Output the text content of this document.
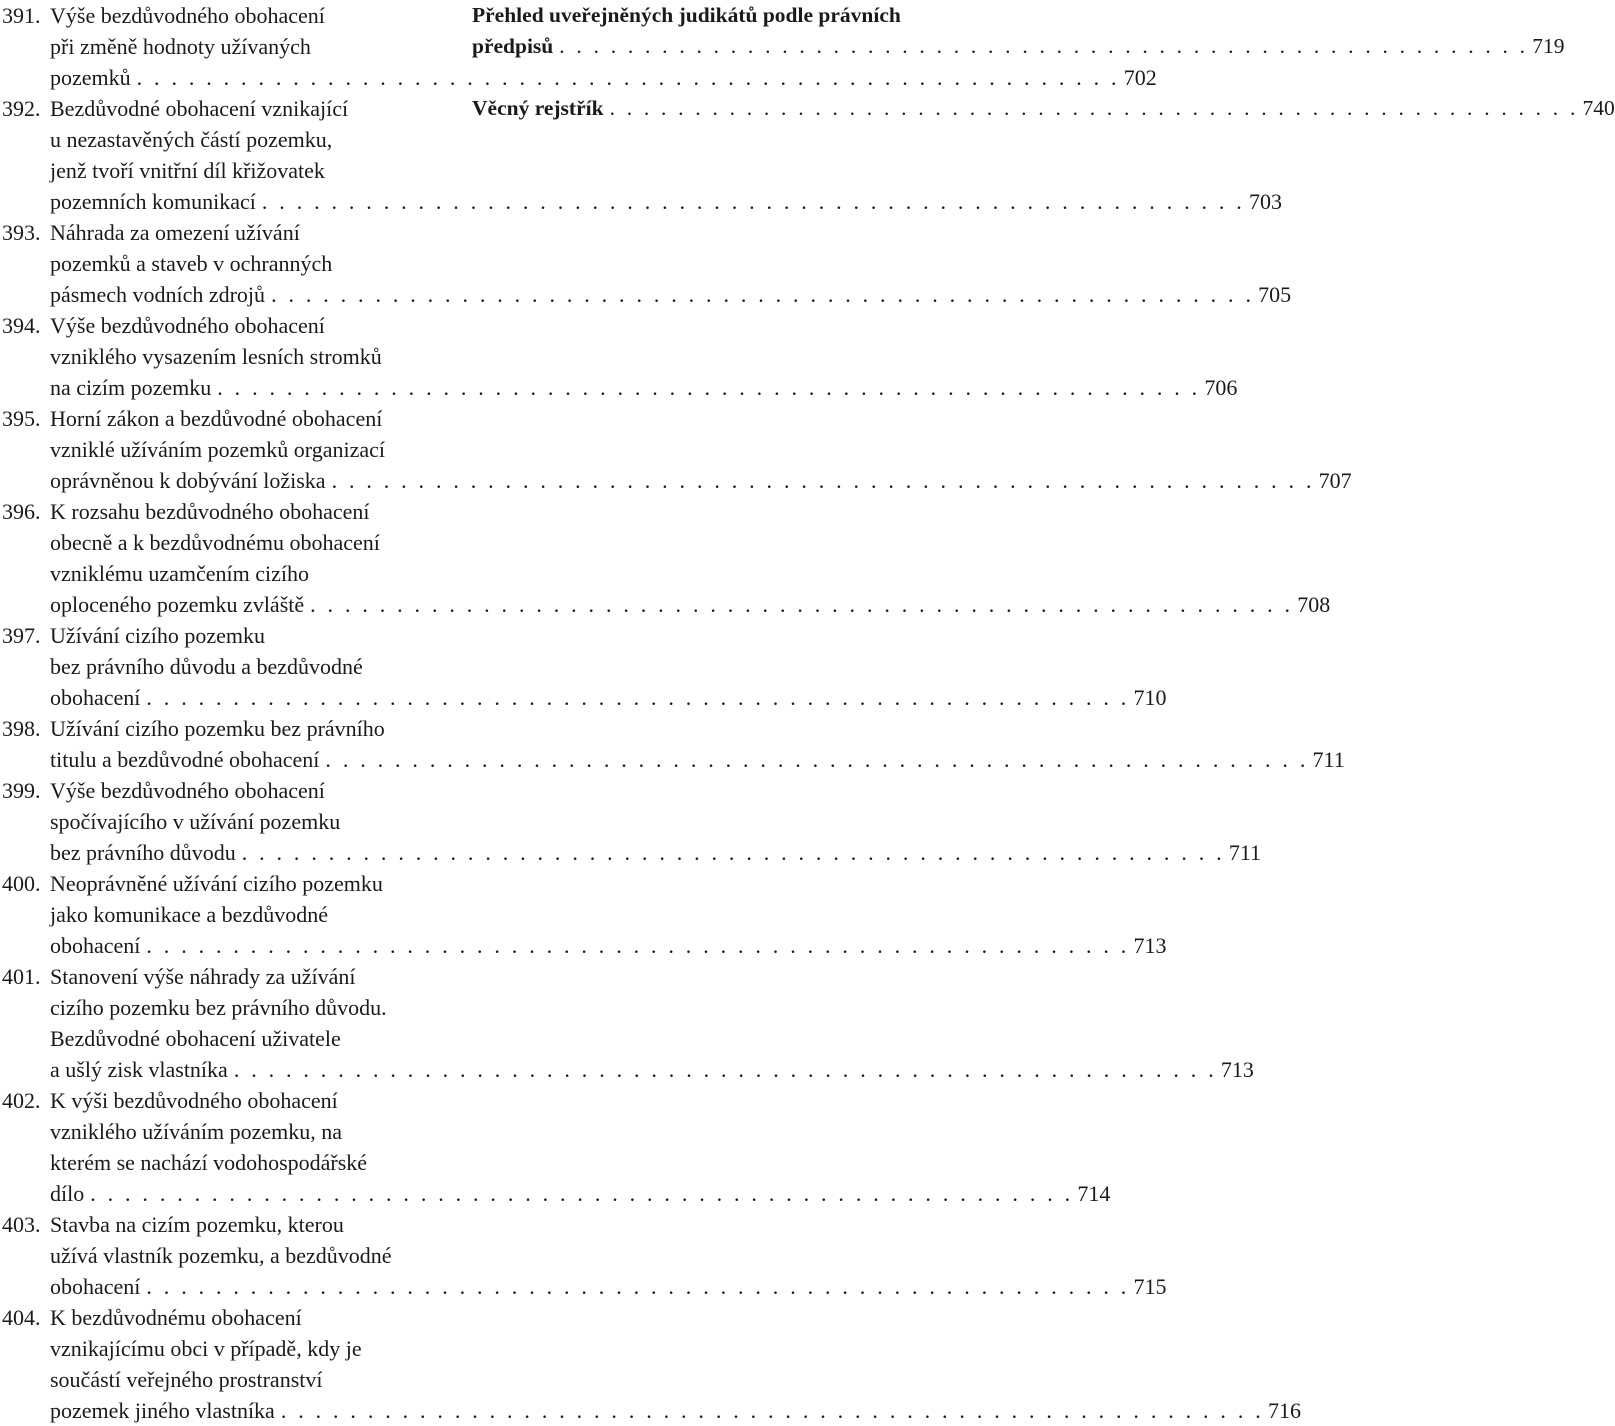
391. Výše bezdůvodného obohacení
při změně hodnoty užívaných
pozemků . . .	702
392. Bezdůvodné obohacení vznikající
u nezastavěných částí pozemku,
jenž tvoří vnitřní díl křižovatek
pozemních komunikací . . .	703
393. Náhrada za omezení užívání
pozemků a staveb v ochranných
pásmech vodních zdrojů . . .	705
394. Výše bezdůvodného obohacení
vzniklého vysazením lesních stromků
na cizím pozemku . . .	706
395. Horní zákon a bezdůvodné obohacení
vzniklé užíváním pozemků organizací
oprávněnou k dobývání ložiska . . .	707
396. K rozsahu bezdůvodného obohacení
obecně a k bezdůvodnému obohacení
vzniklému uzamčením cizího
oploceného pozemku zvláště . . .	708
397. Užívání cizího pozemku
bez právního důvodu a bezdůvodné
obohacení . . .	710
398. Užívání cizího pozemku bez právního
titulu a bezdůvodné obohacení . . .	711
399. Výše bezdůvodného obohacení
spočívajícího v užívání pozemku
bez právního důvodu . . .	711
400. Neoprávněné užívání cizího pozemku
jako komunikace a bezdůvodné
obohacení . . .	713
401. Stanovení výše náhrady za užívání
cizího pozemku bez právního důvodu.
Bezdůvodné obohacení uživatele
a ušlý zisk vlastníka . . .	713
402. K výši bezdůvodného obohacení
vzniklého užíváním pozemku, na
kterém se nachází vodohospodářské
dílo . . .	714
403. Stavba na cizím pozemku, kterou
užívá vlastník pozemku, a bezdůvodné
obohacení . . .	715
404. K bezdůvodnému obohacení
vznikajícímu obci v případě, kdy je
součástí veřejného prostranství
pozemek jiného vlastníka . . .	716
Přehled uveřejněných judikátů podle právních
předpisů . . .	719
Věcný rejstřík . . .	740
